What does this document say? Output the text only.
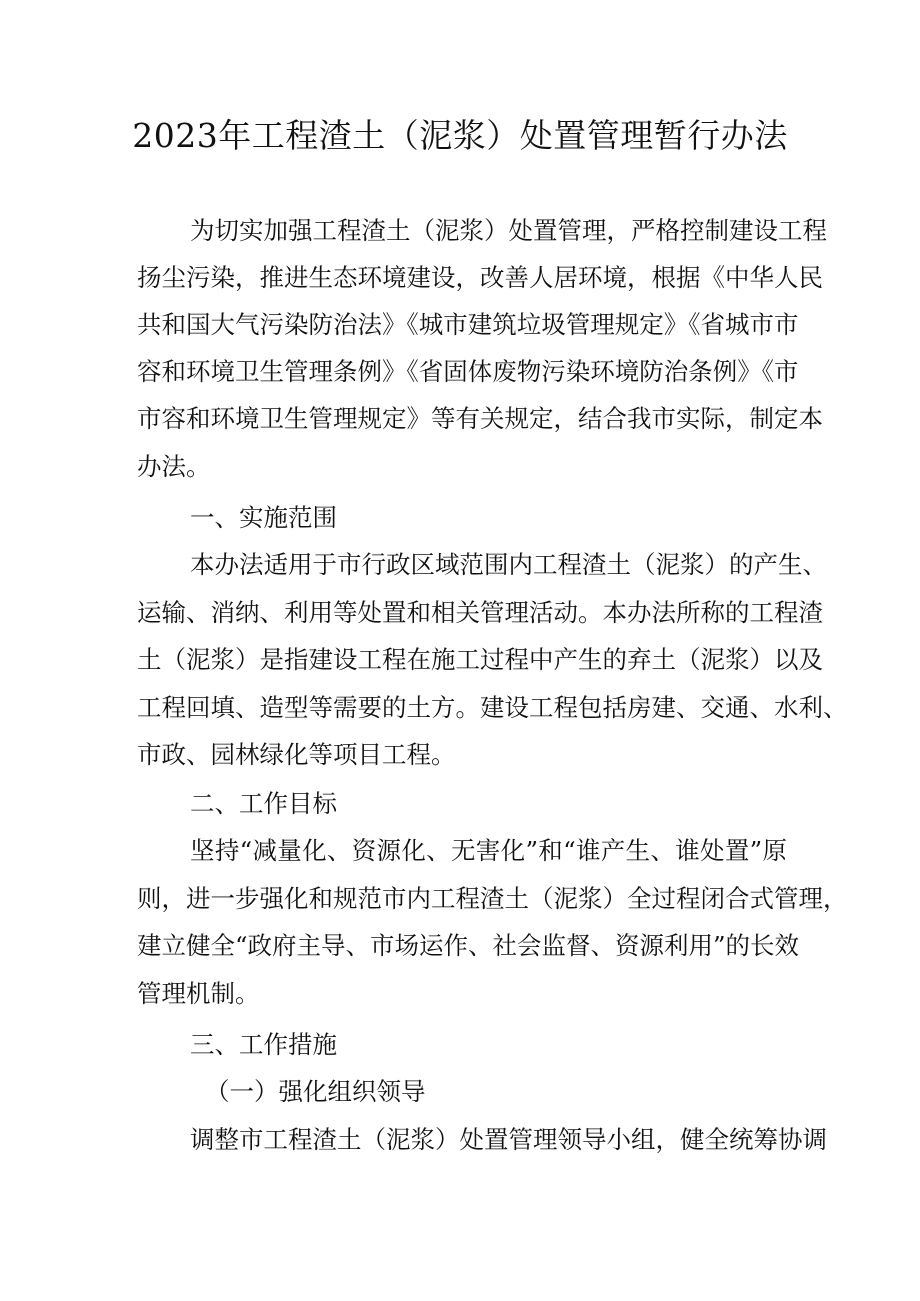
2023年工程渣土（泥浆）处置管理暂行办法

为切实加强工程渣土（泥浆）处置管理，严格控制建设工程

扬尘污染，推进生态环境建设，改善人居环境，根据《中华人民

共和国大气污染防治法》《城市建筑垃圾管理规定》《省城市市

容和环境卫生管理条例》《省固体废物污染环境防治条例》《市

市容和环境卫生管理规定》等有关规定，结合我市实际，制定本

办法。

一、实施范围

本办法适用于市行政区域范围内工程渣土（泥浆）的产生、

运输、消纳、利用等处置和相关管理活动。本办法所称的工程渣

土（泥浆）是指建设工程在施工过程中产生的弃土（泥浆）以及

工程回填、造型等需要的土方。建设工程包括房建、交通、水利、

市政、园林绿化等项目工程。

二、工作目标

坚持“减量化、资源化、无害化”和“谁产生、谁处置”原

则，进一步强化和规范市内工程渣土（泥浆）全过程闭合式管理，

建立健全“政府主导、市场运作、社会监督、资源利用”的长效

管理机制。

三、工作措施

（一）强化组织领导

调整市工程渣土（泥浆）处置管理领导小组，健全统筹协调
